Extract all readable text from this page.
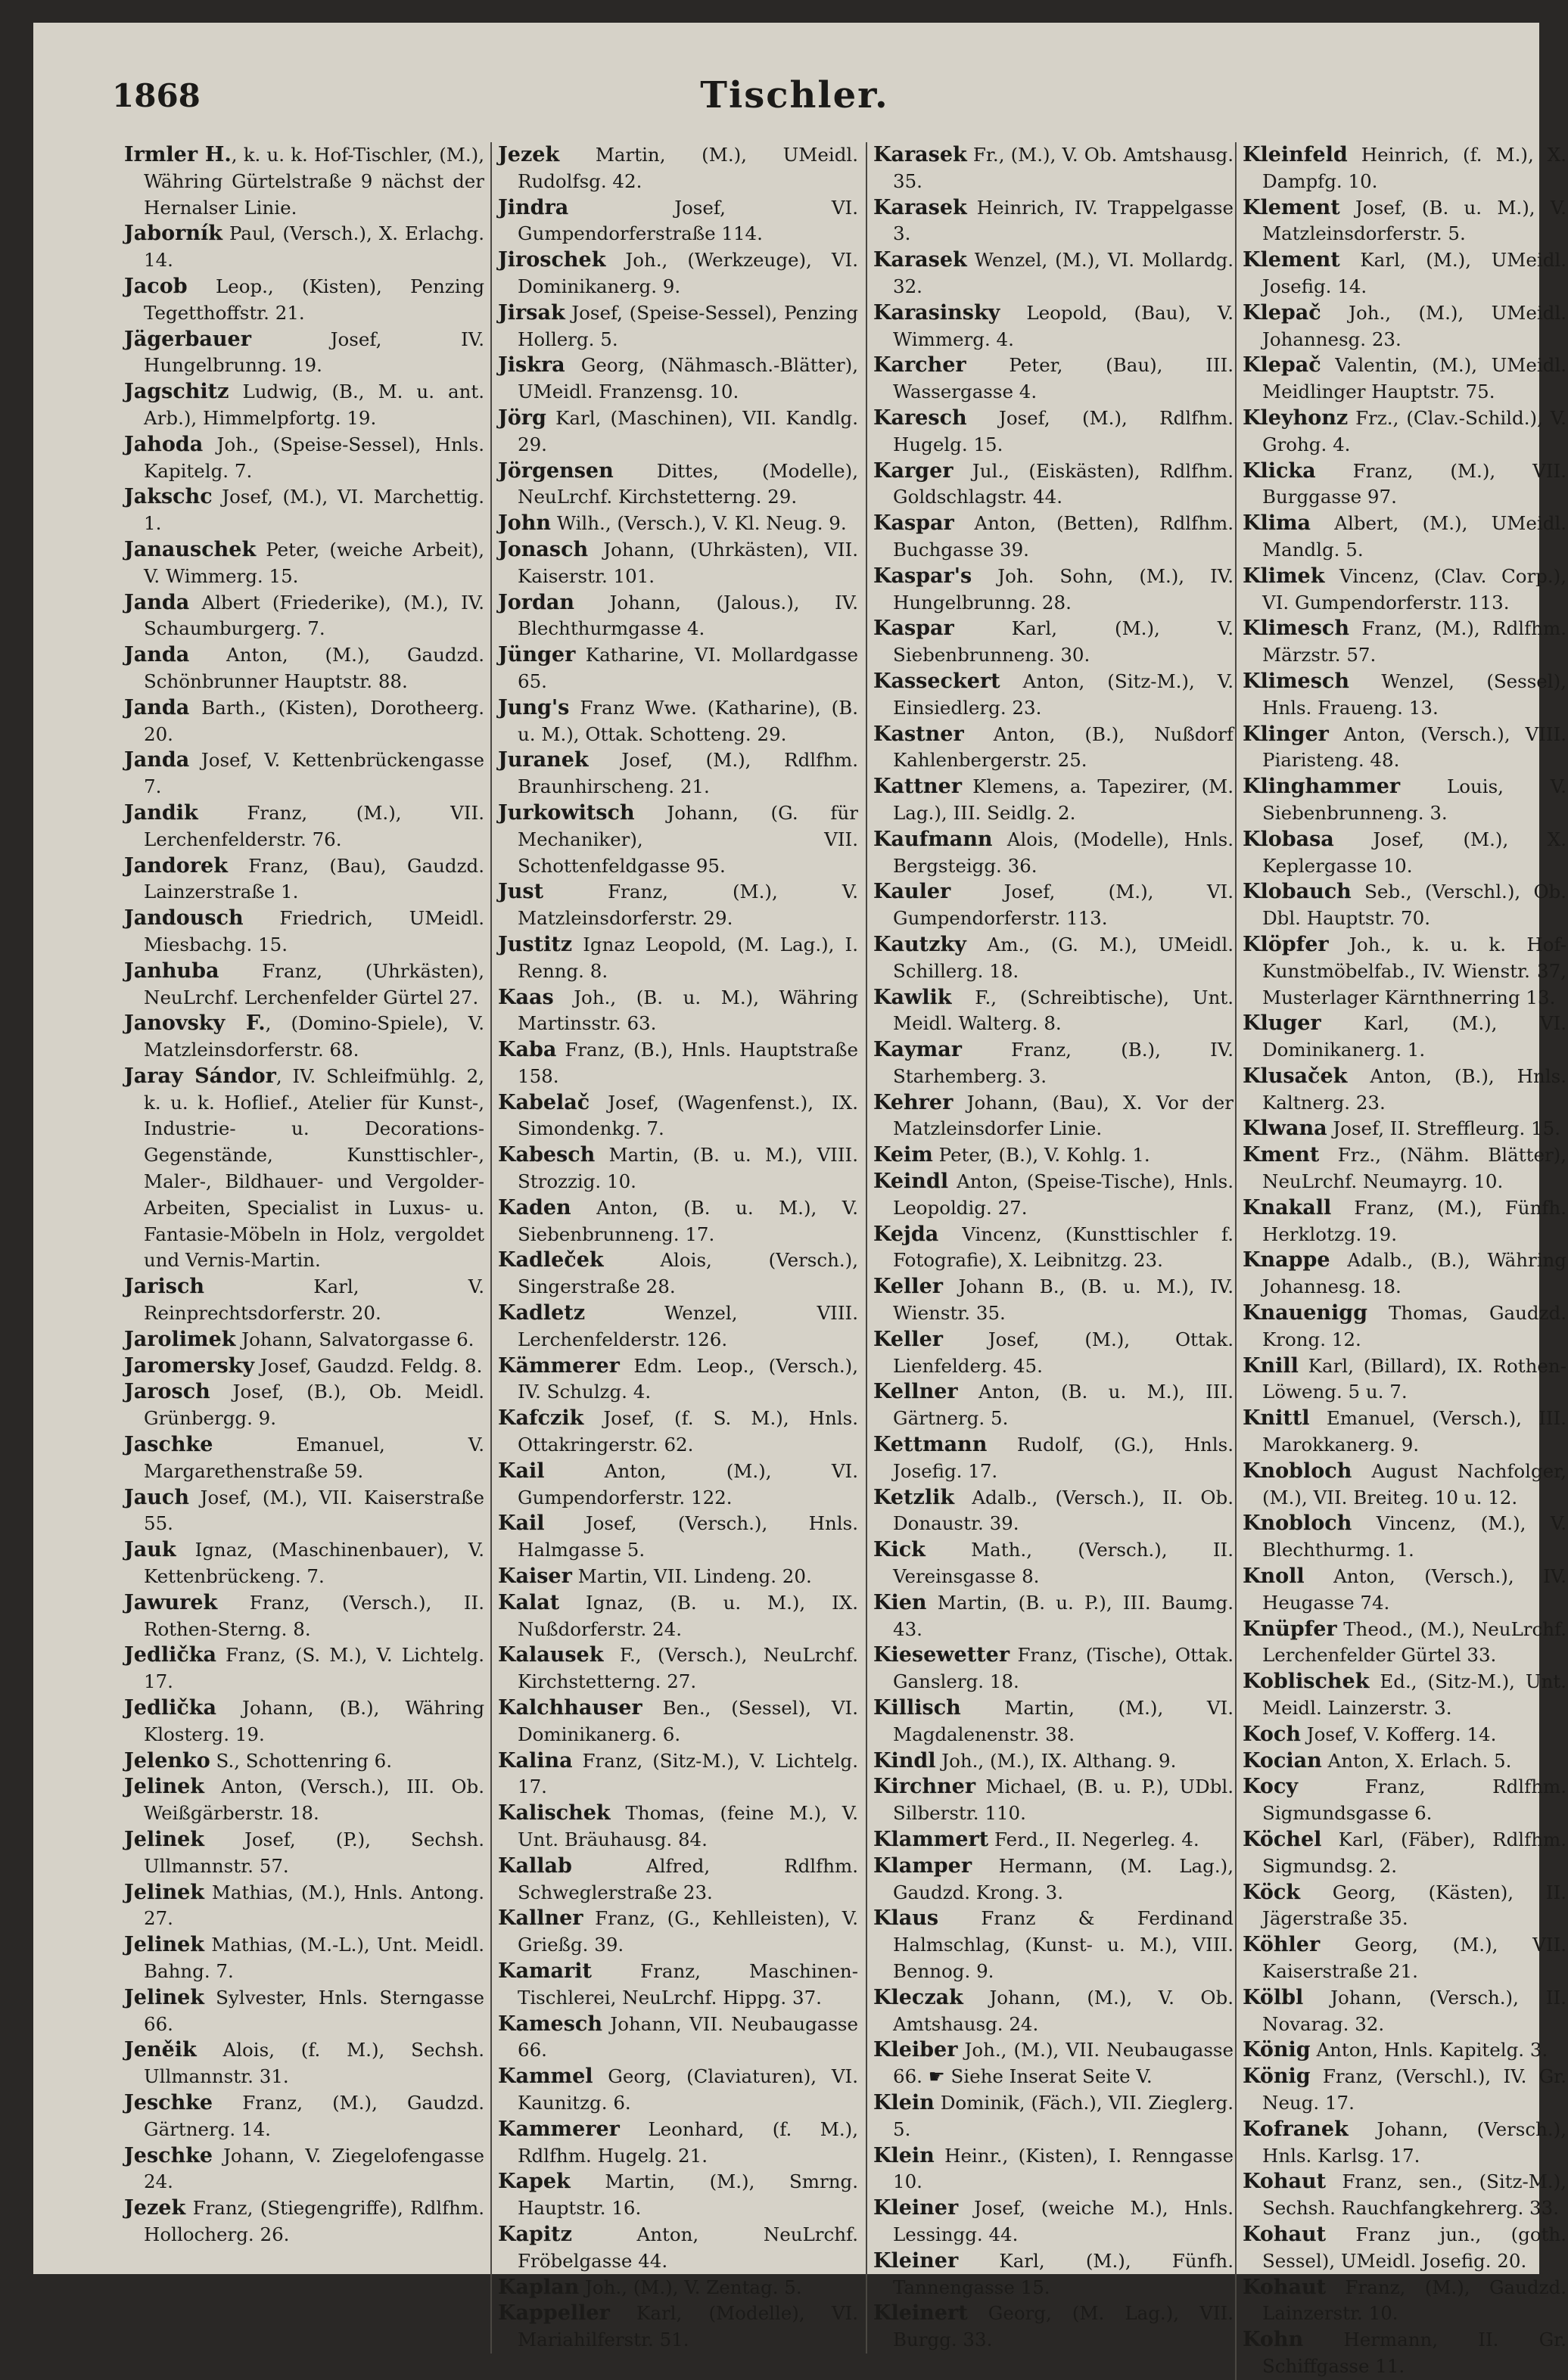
1868	Tischler.
Irmler H., k. u. k. Hof-Tischler, (M.), Währing Gürtelstraße 9 nächst der Hernalser Linie.
Jaborník Paul, (Versch.), X. Erlachg. 14.
Jacob Leop., (Kisten), Penzing Tegetthoffstr. 21.
Jägerbauer Josef, IV. Hungelbrunng. 19.
Jagschitz Ludwig, (B., M. u. ant. Arb.), Himmelpfortg. 19.
Jahoda Joh., (Speise-Sessel), Hnls. Kapitelg. 7.
Jakschc Josef, (M.), VI. Marchettig. 1.
Janauschek Peter, (weiche Arbeit), V. Wimmerg. 15.
Janda Albert (Friederike), (M.), IV. Schaumburgerg. 7.
Janda Anton, (M.), Gaudzd. Schönbrunner Hauptstr. 88.
Janda Barth., (Kisten), Dorotheerg. 20.
Janda Josef, V. Kettenbrückengasse 7.
Jandik Franz, (M.), VII. Lerchenfelderstr. 76.
Jandorek Franz, (Bau), Gaudzd. Lainzerstraße 1.
Jandousch Friedrich, UMeidl. Miesbachg. 15.
Janhuba Franz, (Uhrkästen), NeuLrchf. Lerchenfelder Gürtel 27.
Janovsky F., (Domino-Spiele), V. Matzleinsdorferstr. 68.
Jaray Sándor, IV. Schleifmühlg. 2, k. u. k. Hoflief., Atelier für Kunst-, Industrie- u. Decorations-Gegenstände, Kunsttischler-, Maler-, Bildhauer- und Vergolder-Arbeiten, Specialist in Luxus- u. Fantasie-Möbeln in Holz, vergoldet und Vernis-Martin.
Jarisch Karl, V. Reinprechtsdorferstr. 20.
Jarolimek Johann, Salvatorgasse 6.
Jaromersky Josef, Gaudzd. Feldg. 8.
Jarosch Josef, (B.), Ob. Meidl. Grünbergg. 9.
Jaschke Emanuel, V. Margarethenstraße 59.
Jauch Josef, (M.), VII. Kaiserstraße 55.
Jauk Ignaz, (Maschinenbauer), V. Kettenbrückeng. 7.
Jawurek Franz, (Versch.), II. Rothen-Sterng. 8.
Jedlička Franz, (S. M.), V. Lichtelg. 17.
Jedlička Johann, (B.), Währing Klosterg. 19.
Jelenko S., Schottenring 6.
Jelinek Anton, (Versch.), III. Ob. Weißgärberstr. 18.
Jelinek Josef, (P.), Sechsh. Ullmannstr. 57.
Jelinek Mathias, (M.), Hnls. Antong. 27.
Jelinek Mathias, (M.-L.), Unt. Meidl. Bahng. 7.
Jelinek Sylvester, Hnls. Sterngasse 66.
Jeněik Alois, (f. M.), Sechsh. Ullmannstr. 31.
Jeschke Franz, (M.), Gaudzd. Gärtnerg. 14.
Jeschke Johann, V. Ziegelofengasse 24.
Jezek Franz, (Stiegengriffe), Rdlfhm. Hollocherg. 26.
Jezek Martin, (M.), UMeidl. Rudolfsg. 42.
Jindra Josef, VI. Gumpendorferstraße 114.
Jiroschek Joh., (Werkzeuge), VI. Dominikanerg. 9.
Jirsak Josef, (Speise-Sessel), Penzing Hollerg. 5.
Jiskra Georg, (Nähmasch.-Blätter), UMeidl. Franzensg. 10.
Jörg Karl, (Maschinen), VII. Kandlg. 29.
Jörgensen Dittes, (Modelle), NeuLrchf. Kirchstetterng. 29.
John Wilh., (Versch.), V. Kl. Neug. 9.
Jonasch Johann, (Uhrkästen), VII. Kaiserstr. 101.
Jordan Johann, (Jalous.), IV. Blechthurmgasse 4.
Jünger Katharine, VI. Mollardgasse 65.
Jung's Franz Wwe. (Katharine), (B. u. M.), Ottak. Schotteng. 29.
Juranek Josef, (M.), Rdlfhm. Braunhirscheng. 21.
Jurkowitsch Johann, (G. für Mechaniker), VII. Schottenfeldgasse 95.
Just Franz, (M.), V. Matzleinsdorferstr. 29.
Justitz Ignaz Leopold, (M. Lag.), I. Renng. 8.
Kaas Joh., (B. u. M.), Währing Martinsstr. 63.
Kaba Franz, (B.), Hnls. Hauptstraße 158.
Kabelač Josef, (Wagenfenst.), IX. Simondenkg. 7.
Kabesch Martin, (B. u. M.), VIII. Strozzig. 10.
Kaden Anton, (B. u. M.), V. Siebenbrunneng. 17.
Kadleček Alois, (Versch.), Singerstraße 28.
Kadletz Wenzel, VIII. Lerchenfelderstr. 126.
Kämmerer Edm. Leop., (Versch.), IV. Schulzg. 4.
Kafczik Josef, (f. S. M.), Hnls. Ottakringerstr. 62.
Kail Anton, (M.), VI. Gumpendorferstr. 122.
Kail Josef, (Versch.), Hnls. Halmgasse 5.
Kaiser Martin, VII. Lindeng. 20.
Kalat Ignaz, (B. u. M.), IX. Nußdorferstr. 24.
Kalausek F., (Versch.), NeuLrchf. Kirchstetterng. 27.
Kalchhauser Ben., (Sessel), VI. Dominikanerg. 6.
Kalina Franz, (Sitz-M.), V. Lichtelg. 17.
Kalischek Thomas, (feine M.), V. Unt. Bräuhausg. 84.
Kallab Alfred, Rdlfhm. Schweglerstraße 23.
Kallner Franz, (G., Kehlleisten), V. Grießg. 39.
Kamarit Franz, Maschinen-Tischlerei, NeuLrchf. Hippg. 37.
Kamesch Johann, VII. Neubaugasse 66.
Kammel Georg, (Claviaturen), VI. Kaunitzg. 6.
Kammerer Leonhard, (f. M.), Rdlfhm. Hugelg. 21.
Kapek Martin, (M.), Smrng. Hauptstr. 16.
Kapitz Anton, NeuLrchf. Fröbelgasse 44.
Kaplan Joh., (M.), V. Zentag. 5.
Kappeller Karl, (Modelle), VI. Mariahilferstr. 51.
Karasek Fr., (M.), V. Ob. Amtshausg. 35.
Karasek Heinrich, IV. Trappelgasse 3.
Karasek Wenzel, (M.), VI. Mollardg. 32.
Karasinsky Leopold, (Bau), V. Wimmerg. 4.
Karcher Peter, (Bau), III. Wassergasse 4.
Karesch Josef, (M.), Rdlfhm. Hugelg. 15.
Karger Jul., (Eiskästen), Rdlfhm. Goldschlagstr. 44.
Kaspar Anton, (Betten), Rdlfhm. Buchgasse 39.
Kaspar's Joh. Sohn, (M.), IV. Hungelbrunng. 28.
Kaspar Karl, (M.), V. Siebenbrunneng. 30.
Kasseckert Anton, (Sitz-M.), V. Einsiedlerg. 23.
Kastner Anton, (B.), Nußdorf Kahlenbergerstr. 25.
Kattner Klemens, a. Tapezirer, (M. Lag.), III. Seidlg. 2.
Kaufmann Alois, (Modelle), Hnls. Bergsteigg. 36.
Kauler Josef, (M.), VI. Gumpendorferstr. 113.
Kautzky Am., (G. M.), UMeidl. Schillerg. 18.
Kawlik F., (Schreibtische), Unt. Meidl. Walterg. 8.
Kaymar Franz, (B.), IV. Starhemberg. 3.
Kehrer Johann, (Bau), X. Vor der Matzleinsdorfer Linie.
Keim Peter, (B.), V. Kohlg. 1.
Keindl Anton, (Speise-Tische), Hnls. Leopoldig. 27.
Kejda Vincenz, (Kunsttischler f. Fotografie), X. Leibnitzg. 23.
Keller Johann B., (B. u. M.), IV. Wienstr. 35.
Keller Josef, (M.), Ottak. Lienfelderg. 45.
Kellner Anton, (B. u. M.), III. Gärtnerg. 5.
Kettmann Rudolf, (G.), Hnls. Josefig. 17.
Ketzlik Adalb., (Versch.), II. Ob. Donaustr. 39.
Kick Math., (Versch.), II. Vereinsgasse 8.
Kien Martin, (B. u. P.), III. Baumg. 43.
Kiesewetter Franz, (Tische), Ottak. Ganslerg. 18.
Killisch Martin, (M.), VI. Magdalenenstr. 38.
Kindl Joh., (M.), IX. Althang. 9.
Kirchner Michael, (B. u. P.), UDbl. Silberstr. 110.
Klammert Ferd., II. Negerleg. 4.
Klamper Hermann, (M. Lag.), Gaudzd. Krong. 3.
Klaus Franz & Ferdinand Halmschlag, (Kunst- u. M.), VIII. Bennog. 9.
Kleczak Johann, (M.), V. Ob. Amtshausg. 24.
Kleiber Joh., (M.), VII. Neubaugasse 66. ☛ Siehe Inserat Seite V.
Klein Dominik, (Fäch.), VII. Zieglerg. 5.
Klein Heinr., (Kisten), I. Renngasse 10.
Kleiner Josef, (weiche M.), Hnls. Lessingg. 44.
Kleiner Karl, (M.), Fünfh. Tannengasse 15.
Kleinert Georg, (M. Lag.), VII. Burgg. 33.
Kleinfeld Heinrich, (f. M.), X. Dampfg. 10.
Klement Josef, (B. u. M.), V. Matzleinsdorferstr. 5.
Klement Karl, (M.), UMeidl. Josefig. 14.
Klepač Joh., (M.), UMeidl. Johannesg. 23.
Klepač Valentin, (M.), UMeidl. Meidlinger Hauptstr. 75.
Kleyhonz Frz., (Clav.-Schild.), V. Grohg. 4.
Klicka Franz, (M.), VII. Burggasse 97.
Klima Albert, (M.), UMeidl. Mandlg. 5.
Klimek Vincenz, (Clav. Corp.), VI. Gumpendorferstr. 113.
Klimesch Franz, (M.), Rdlfhm. Märzstr. 57.
Klimesch Wenzel, (Sessel), Hnls. Fraueng. 13.
Klinger Anton, (Versch.), VIII. Piaristeng. 48.
Klinghammer Louis, V. Siebenbrunneng. 3.
Klobasa Josef, (M.), X. Keplergasse 10.
Klobauch Seb., (Verschl.), Ob. Dbl. Hauptstr. 70.
Klöpfer Joh., k. u. k. Hof-Kunstmöbelfab., IV. Wienstr. 37, Musterlager Kärnthnerring 13.
Kluger Karl, (M.), VI. Dominikanerg. 1.
Klusaček Anton, (B.), Hnls. Kaltnerg. 23.
Klwana Josef, II. Streffleurg. 15.
Kment Frz., (Nähm. Blätter), NeuLrchf. Neumayrg. 10.
Knakall Franz, (M.), Fünfh. Herklotzg. 19.
Knappe Adalb., (B.), Währing Johannesg. 18.
Knauenigg Thomas, Gaudzd. Krong. 12.
Knill Karl, (Billard), IX. Rothen-Löweng. 5 u. 7.
Knittl Emanuel, (Versch.), III. Marokkanerg. 9.
Knobloch August Nachfolger, (M.), VII. Breiteg. 10 u. 12.
Knobloch Vincenz, (M.), V. Blechthurmg. 1.
Knoll Anton, (Versch.), IV. Heugasse 74.
Knüpfer Theod., (M.), NeuLrchf. Lerchenfelder Gürtel 33.
Koblischek Ed., (Sitz-M.), Unt. Meidl. Lainzerstr. 3.
Koch Josef, V. Kofferg. 14.
Kocian Anton, X. Erlach. 5.
Kocy Franz, Rdlfhm. Sigmundsgasse 6.
Köchel Karl, (Fäber), Rdlfhm. Sigmundsg. 2.
Köck Georg, (Kästen), II. Jägerstraße 35.
Köhler Georg, (M.), VII. Kaiserstraße 21.
Kölbl Johann, (Versch.), II. Novarag. 32.
König Anton, Hnls. Kapitelg. 3.
König Franz, (Verschl.), IV. Gr. Neug. 17.
Kofranek Johann, (Versch.), Hnls. Karlsg. 17.
Kohaut Franz, sen., (Sitz-M.), Sechsh. Rauchfangkehrerg. 33.
Kohaut Franz jun., (goth. Sessel), UMeidl. Josefig. 20.
Kohaut Franz, (M.), Gaudzd. Lainzerstr. 10.
Kohn Hermann, II. Gr. Schiffgasse 11.
